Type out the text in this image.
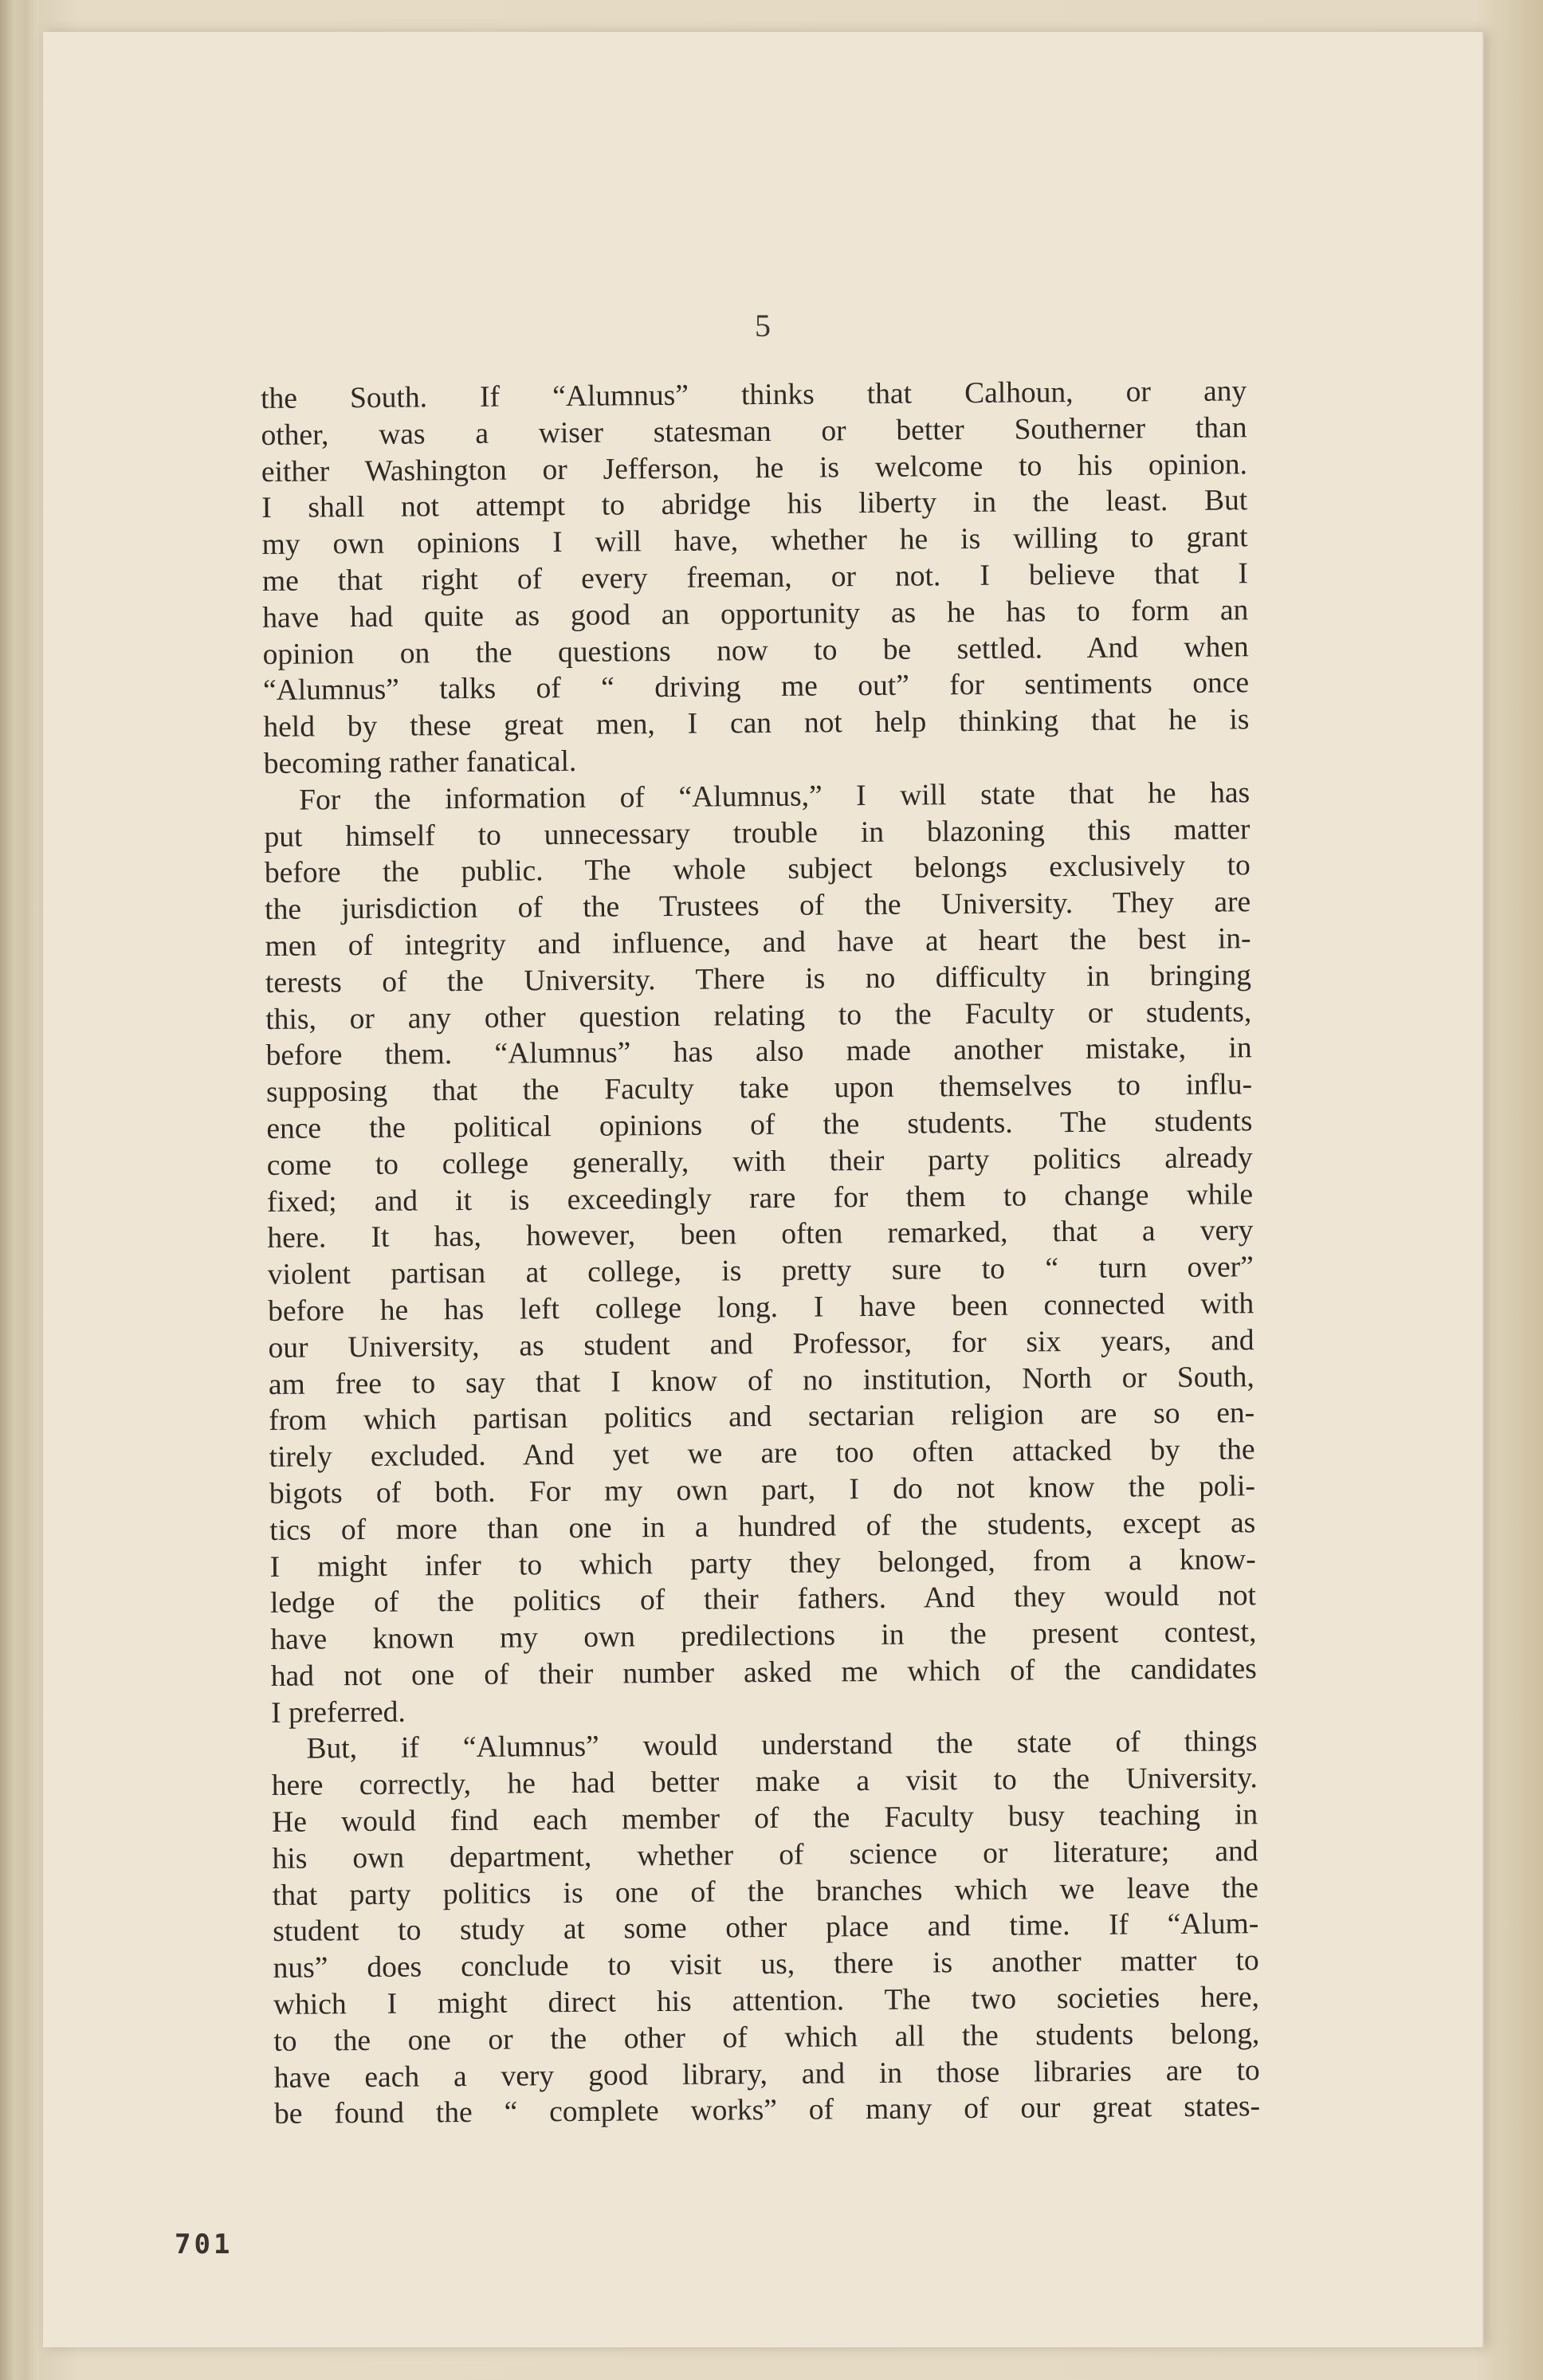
5
the South. If “Alumnus” thinks that Calhoun, or any
other, was a wiser statesman or better Southerner than
either Washington or Jefferson, he is welcome to his opinion.
I shall not attempt to abridge his liberty in the least. But
my own opinions I will have, whether he is willing to grant
me that right of every freeman, or not. I believe that I
have had quite as good an opportunity as he has to form an
opinion on the questions now to be settled. And when
“Alumnus” talks of “ driving me out” for sentiments once
held by these great men, I can not help thinking that he is
becoming rather fanatical.
For the information of “Alumnus,” I will state that he has
put himself to unnecessary trouble in blazoning this matter
before the public. The whole subject belongs exclusively to
the jurisdiction of the Trustees of the University. They are
men of integrity and influence, and have at heart the best in-
terests of the University. There is no difficulty in bringing
this, or any other question relating to the Faculty or students,
before them. “Alumnus” has also made another mistake, in
supposing that the Faculty take upon themselves to influ-
ence the political opinions of the students. The students
come to college generally, with their party politics already
fixed; and it is exceedingly rare for them to change while
here. It has, however, been often remarked, that a very
violent partisan at college, is pretty sure to “ turn over”
before he has left college long. I have been connected with
our University, as student and Professor, for six years, and
am free to say that I know of no institution, North or South,
from which partisan politics and sectarian religion are so en-
tirely excluded. And yet we are too often attacked by the
bigots of both. For my own part, I do not know the poli-
tics of more than one in a hundred of the students, except as
I might infer to which party they belonged, from a know-
ledge of the politics of their fathers. And they would not
have known my own predilections in the present contest,
had not one of their number asked me which of the candidates
I preferred.
But, if “Alumnus” would understand the state of things
here correctly, he had better make a visit to the University.
He would find each member of the Faculty busy teaching in
his own department, whether of science or literature; and
that party politics is one of the branches which we leave the
student to study at some other place and time. If “Alum-
nus” does conclude to visit us, there is another matter to
which I might direct his attention. The two societies here,
to the one or the other of which all the students belong,
have each a very good library, and in those libraries are to
be found the “ complete works” of many of our great states-
701
